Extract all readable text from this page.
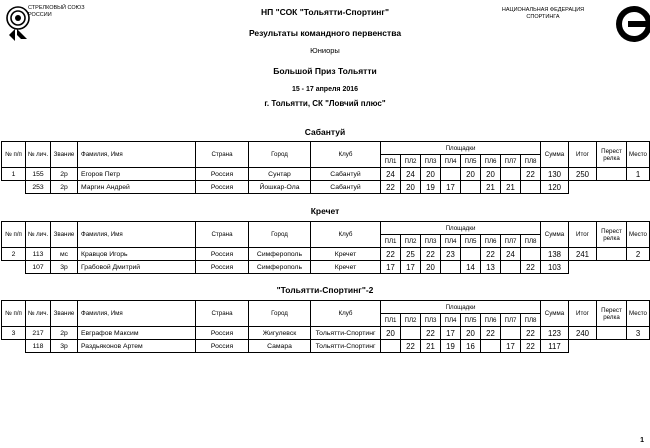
СТРЕЛКОВЫЙ СОЮЗ
РОССИИ
НАЦИОНАЛЬНАЯ ФЕДЕРАЦИЯ
СПОРТИНГА
НП "СОК "Тольятти-Спортинг"
Результаты командного первенства
Юниоры
Большой Приз Тольятти
15 - 17 апреля 2016
г. Тольятти, СК "Ловчий плюс"
Сабантуй
№ п/п	№ лич.	Звание	Фамилия, Имя	Страна	Город	Клуб	Площадки								Сумма	Итог	Перест релка	Место
							ПЛ1	ПЛ2	ПЛ3	ПЛ4	ПЛ5	ПЛ6	ПЛ7	ПЛ8				
1	155	2р	Егоров Петр	Россия	Сунтар	Сабантуй	24	24	20		20	20		22	130	250		1
	253	2р	Маргин Андрей	Россия	Йошкар-Ола	Сабантуй	22	20	19	17		21	21		120			
Кречет
№ п/п	№ лич.	Звание	Фамилия, Имя	Страна	Город	Клуб	Площадки								Сумма	Итог	Перест релка	Место
							ПЛ1	ПЛ2	ПЛ3	ПЛ4	ПЛ5	ПЛ6	ПЛ7	ПЛ8				
2	113	мс	Кравцов Игорь	Россия	Симферополь	Кречет	22	25	22	23		22	24		138	241		2
	107	3р	Грабовой Дмитрий	Россия	Симферополь	Кречет	17	17	20		14	13		22	103			
"Тольятти-Спортинг"-2
№ п/п	№ лич.	Звание	Фамилия, Имя	Страна	Город	Клуб	Площадки								Сумма	Итог	Перест релка	Место
							ПЛ1	ПЛ2	ПЛ3	ПЛ4	ПЛ5	ПЛ6	ПЛ7	ПЛ8				
3	217	2р	Евграфов Максим	Россия	Жигулевск	Тольятти-Спортинг	20		22	17	20	22		22	123	240		3
	118	3р	Раздьяконов Артем	Россия	Самара	Тольятти-Спортинг		22	21	19	16		17	22	117			
1
